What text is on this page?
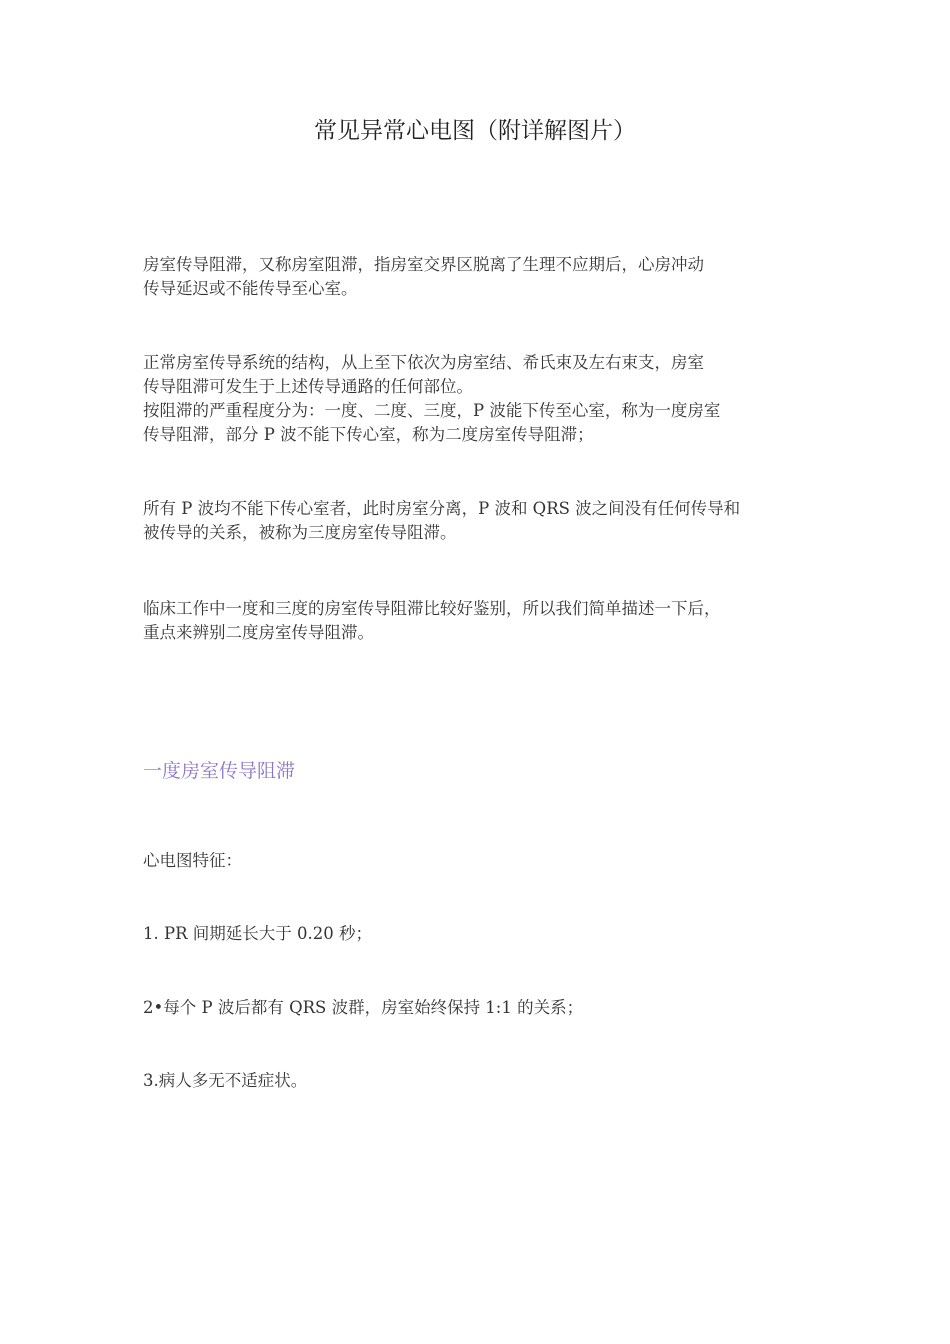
常见异常心电图（附详解图片）

房室传导阻滞，又称房室阻滞，指房室交界区脱离了生理不应期后，心房冲动
传导延迟或不能传导至心室。

正常房室传导系统的结构，从上至下依次为房室结、希氏束及左右束支，房室
传导阻滞可发生于上述传导通路的任何部位。
按阻滞的严重程度分为：一度、二度、三度，P 波能下传至心室，称为一度房室
传导阻滞，部分 P 波不能下传心室，称为二度房室传导阻滞；

所有 P 波均不能下传心室者，此时房室分离，P 波和 QRS 波之间没有任何传导和
被传导的关系，被称为三度房室传导阻滞。

临床工作中一度和三度的房室传导阻滞比较好鉴别，所以我们简单描述一下后，
重点来辨别二度房室传导阻滞。

一度房室传导阻滞
心电图特征：
1. PR 间期延长大于 0.20 秒；
2•每个 P 波后都有 QRS 波群，房室始终保持 1:1 的关系；
3.病人多无不适症状。
